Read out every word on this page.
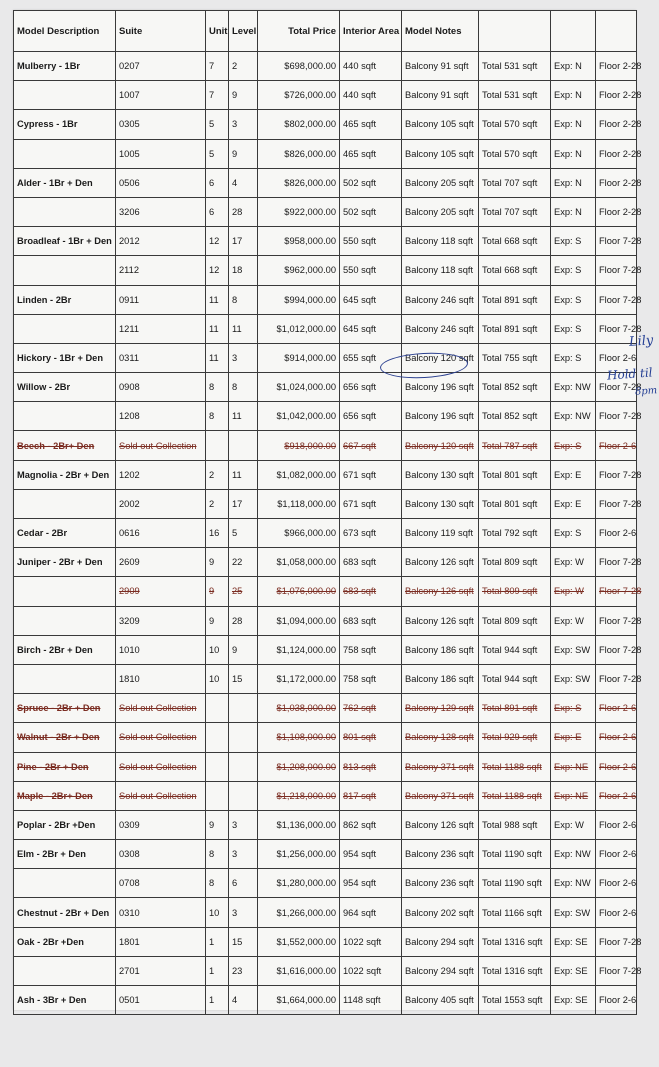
Model Description	Suite	Unit	Level	Total Price	Interior Area	Model Notes			
Mulberry - 1Br	0207	7	2	$698,000.00	440 sqft	Balcony 91 sqft	Total 531 sqft	Exp: N	Floor 2-28
	1007	7	9	$726,000.00	440 sqft	Balcony 91 sqft	Total 531 sqft	Exp: N	Floor 2-28
Cypress - 1Br	0305	5	3	$802,000.00	465 sqft	Balcony 105 sqft	Total 570 sqft	Exp: N	Floor 2-28
	1005	5	9	$826,000.00	465 sqft	Balcony 105 sqft	Total 570 sqft	Exp: N	Floor 2-28
Alder - 1Br + Den	0506	6	4	$826,000.00	502 sqft	Balcony 205 sqft	Total 707 sqft	Exp: N	Floor 2-28
	3206	6	28	$922,000.00	502 sqft	Balcony 205 sqft	Total 707 sqft	Exp: N	Floor 2-28
Broadleaf - 1Br + Den	2012	12	17	$958,000.00	550 sqft	Balcony 118 sqft	Total 668 sqft	Exp: S	Floor 7-28
	2112	12	18	$962,000.00	550 sqft	Balcony 118 sqft	Total 668 sqft	Exp: S	Floor 7-28
Linden - 2Br	0911	11	8	$994,000.00	645 sqft	Balcony 246 sqft	Total 891 sqft	Exp: S	Floor 7-28
	1211	11	11	$1,012,000.00	645 sqft	Balcony 246 sqft	Total 891 sqft	Exp: S	Floor 7-28
Hickory - 1Br + Den	0311	11	3	$914,000.00	655 sqft	Balcony 120 sqft	Total 755 sqft	Exp: S	Floor 2-6
Willow - 2Br	0908	8	8	$1,024,000.00	656 sqft	Balcony 196 sqft	Total 852 sqft	Exp: NW	Floor 7-28
	1208	8	11	$1,042,000.00	656 sqft	Balcony 196 sqft	Total 852 sqft	Exp: NW	Floor 7-28
Beech - 2Br+ Den	Sold out Collection			$918,000.00	667 sqft	Balcony 120 sqft	Total 787 sqft	Exp: S	Floor 2-6
Magnolia - 2Br + Den	1202	2	11	$1,082,000.00	671 sqft	Balcony 130 sqft	Total 801 sqft	Exp: E	Floor 7-28
	2002	2	17	$1,118,000.00	671 sqft	Balcony 130 sqft	Total 801 sqft	Exp: E	Floor 7-28
Cedar - 2Br	0616	16	5	$966,000.00	673 sqft	Balcony 119 sqft	Total 792 sqft	Exp: S	Floor 2-6
Juniper - 2Br + Den	2609	9	22	$1,058,000.00	683 sqft	Balcony 126 sqft	Total 809 sqft	Exp: W	Floor 7-28
	2909	9	25	$1,076,000.00	683 sqft	Balcony 126 sqft	Total 809 sqft	Exp: W	Floor 7-28
	3209	9	28	$1,094,000.00	683 sqft	Balcony 126 sqft	Total 809 sqft	Exp: W	Floor 7-28
Birch - 2Br + Den	1010	10	9	$1,124,000.00	758 sqft	Balcony 186 sqft	Total 944 sqft	Exp: SW	Floor 7-28
	1810	10	15	$1,172,000.00	758 sqft	Balcony 186 sqft	Total 944 sqft	Exp: SW	Floor 7-28
Spruce - 2Br + Den	Sold out Collection			$1,038,000.00	762 sqft	Balcony 129 sqft	Total 891 sqft	Exp: S	Floor 2-6
Walnut - 2Br + Den	Sold out Collection			$1,108,000.00	801 sqft	Balcony 128 sqft	Total 929 sqft	Exp: E	Floor 2-6
Pine - 2Br + Den	Sold out Collection			$1,208,000.00	813 sqft	Balcony 371 sqft	Total 1188 sqft	Exp: NE	Floor 2-6
Maple - 2Br+ Den	Sold out Collection			$1,218,000.00	817 sqft	Balcony 371 sqft	Total 1188 sqft	Exp: NE	Floor 2-6
Poplar - 2Br +Den	0309	9	3	$1,136,000.00	862 sqft	Balcony 126 sqft	Total 988 sqft	Exp: W	Floor 2-6
Elm - 2Br + Den	0308	8	3	$1,256,000.00	954 sqft	Balcony 236 sqft	Total 1190 sqft	Exp: NW	Floor 2-6
	0708	8	6	$1,280,000.00	954 sqft	Balcony 236 sqft	Total 1190 sqft	Exp: NW	Floor 2-6
Chestnut - 2Br + Den	0310	10	3	$1,266,000.00	964 sqft	Balcony 202 sqft	Total 1166 sqft	Exp: SW	Floor 2-6
Oak - 2Br +Den	1801	1	15	$1,552,000.00	1022 sqft	Balcony 294 sqft	Total 1316 sqft	Exp: SE	Floor 7-28
	2701	1	23	$1,616,000.00	1022 sqft	Balcony 294 sqft	Total 1316 sqft	Exp: SE	Floor 7-28
Ash - 3Br + Den	0501	1	4	$1,664,000.00	1148 sqft	Balcony 405 sqft	Total 1553 sqft	Exp: SE	Floor 2-6
Lily
Hold til
8pm
